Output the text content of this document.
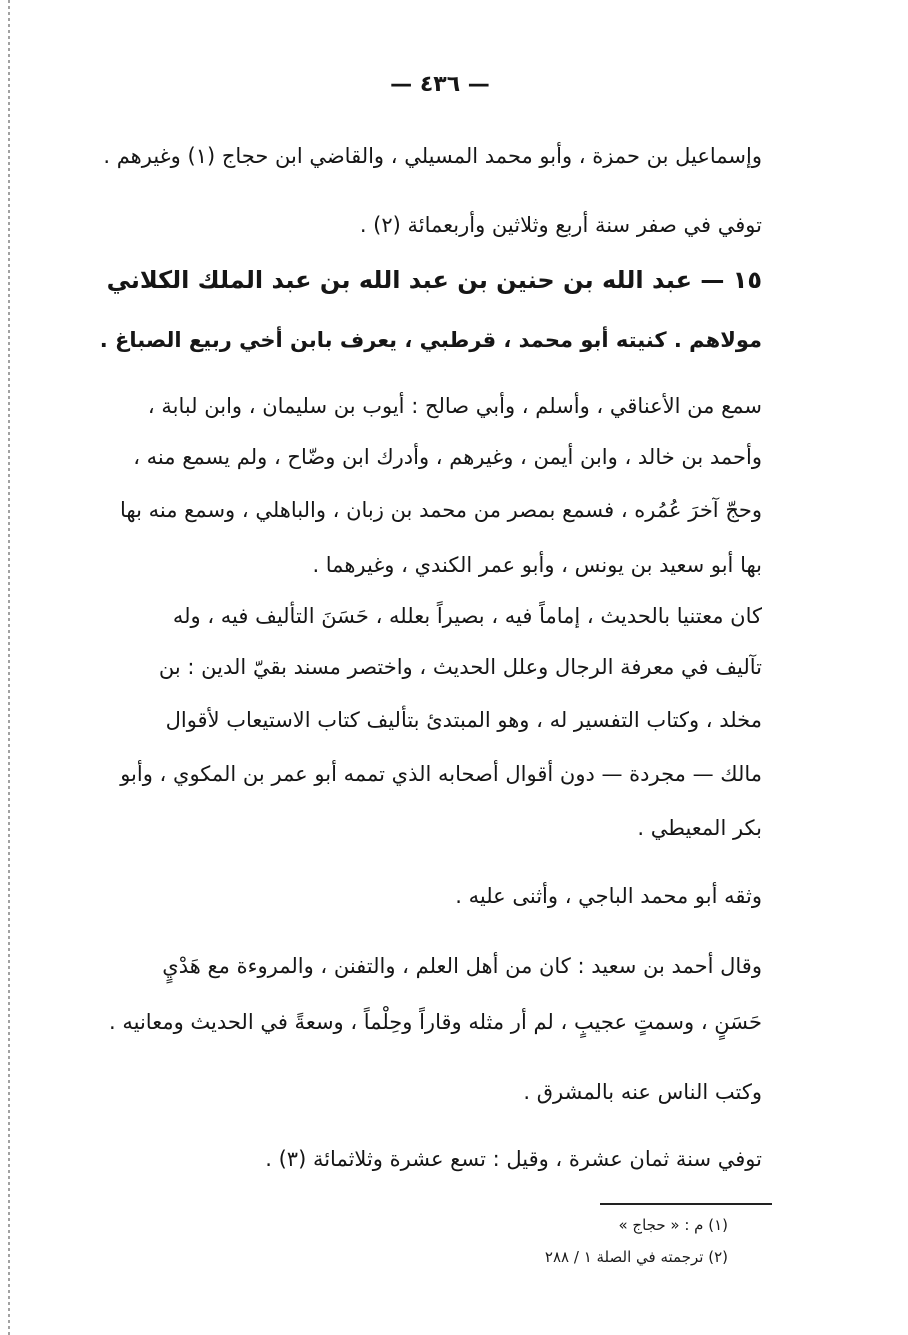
— ٤٣٦ —
وإسماعيل بن حمزة ، وأبو محمد المسيلي ، والقاضي ابن حجاج (١) وغيرهم .
توفي في صفر سنة أربع وثلاثين وأربعمائة (٢) .
١٥ — عبد الله بن حنين بن عبد الله بن عبد الملك الكلاني
مولاهم . كنيته أبو محمد ، قرطبي ، يعرف بابن أخي ربيع الصباغ .
سمع من الأعناقي ، وأسلم ، وأبي صالح : أيوب بن سليمان ، وابن لبابة ،
وأحمد بن خالد ، وابن أيمن ، وغيرهم ، وأدرك ابن وضّاح ، ولم يسمع منه ،
وحجّ آخرَ عُمُره ، فسمع بمصر من محمد بن زبان ، والباهلي ، وسمع منه بها
بها أبو سعيد بن يونس ، وأبو عمر الكندي ، وغيرهما .
كان معتنيا بالحديث ، إماماً فيه ، بصيراً بعلله ، حَسَنَ التأليف فيه ، وله
تآليف في معرفة الرجال وعلل الحديث ، واختصر مسند بقيّ الدين : بن
مخلد ، وكتاب التفسير له ، وهو المبتدئ بتأليف كتاب الاستيعاب لأقوال
مالك — مجردة — دون أقوال أصحابه الذي تممه أبو عمر بن المكوي ، وأبو
بكر المعيطي .
وثقه أبو محمد الباجي ، وأثنى عليه .
وقال أحمد بن سعيد : كان من أهل العلم ، والتفنن ، والمروءة مع هَدْيٍ
حَسَنٍ ، وسمتٍ عجيبٍ ، لم أر مثله وقاراً وحِلْماً ، وسعةً في الحديث ومعانيه .
وكتب الناس عنه بالمشرق .
توفي سنة ثمان عشرة ، وقيل : تسع عشرة وثلاثمائة (٣) .
(١) م : « حجاج »
(٢) ترجمته في الصلة ١ / ٢٨٨
